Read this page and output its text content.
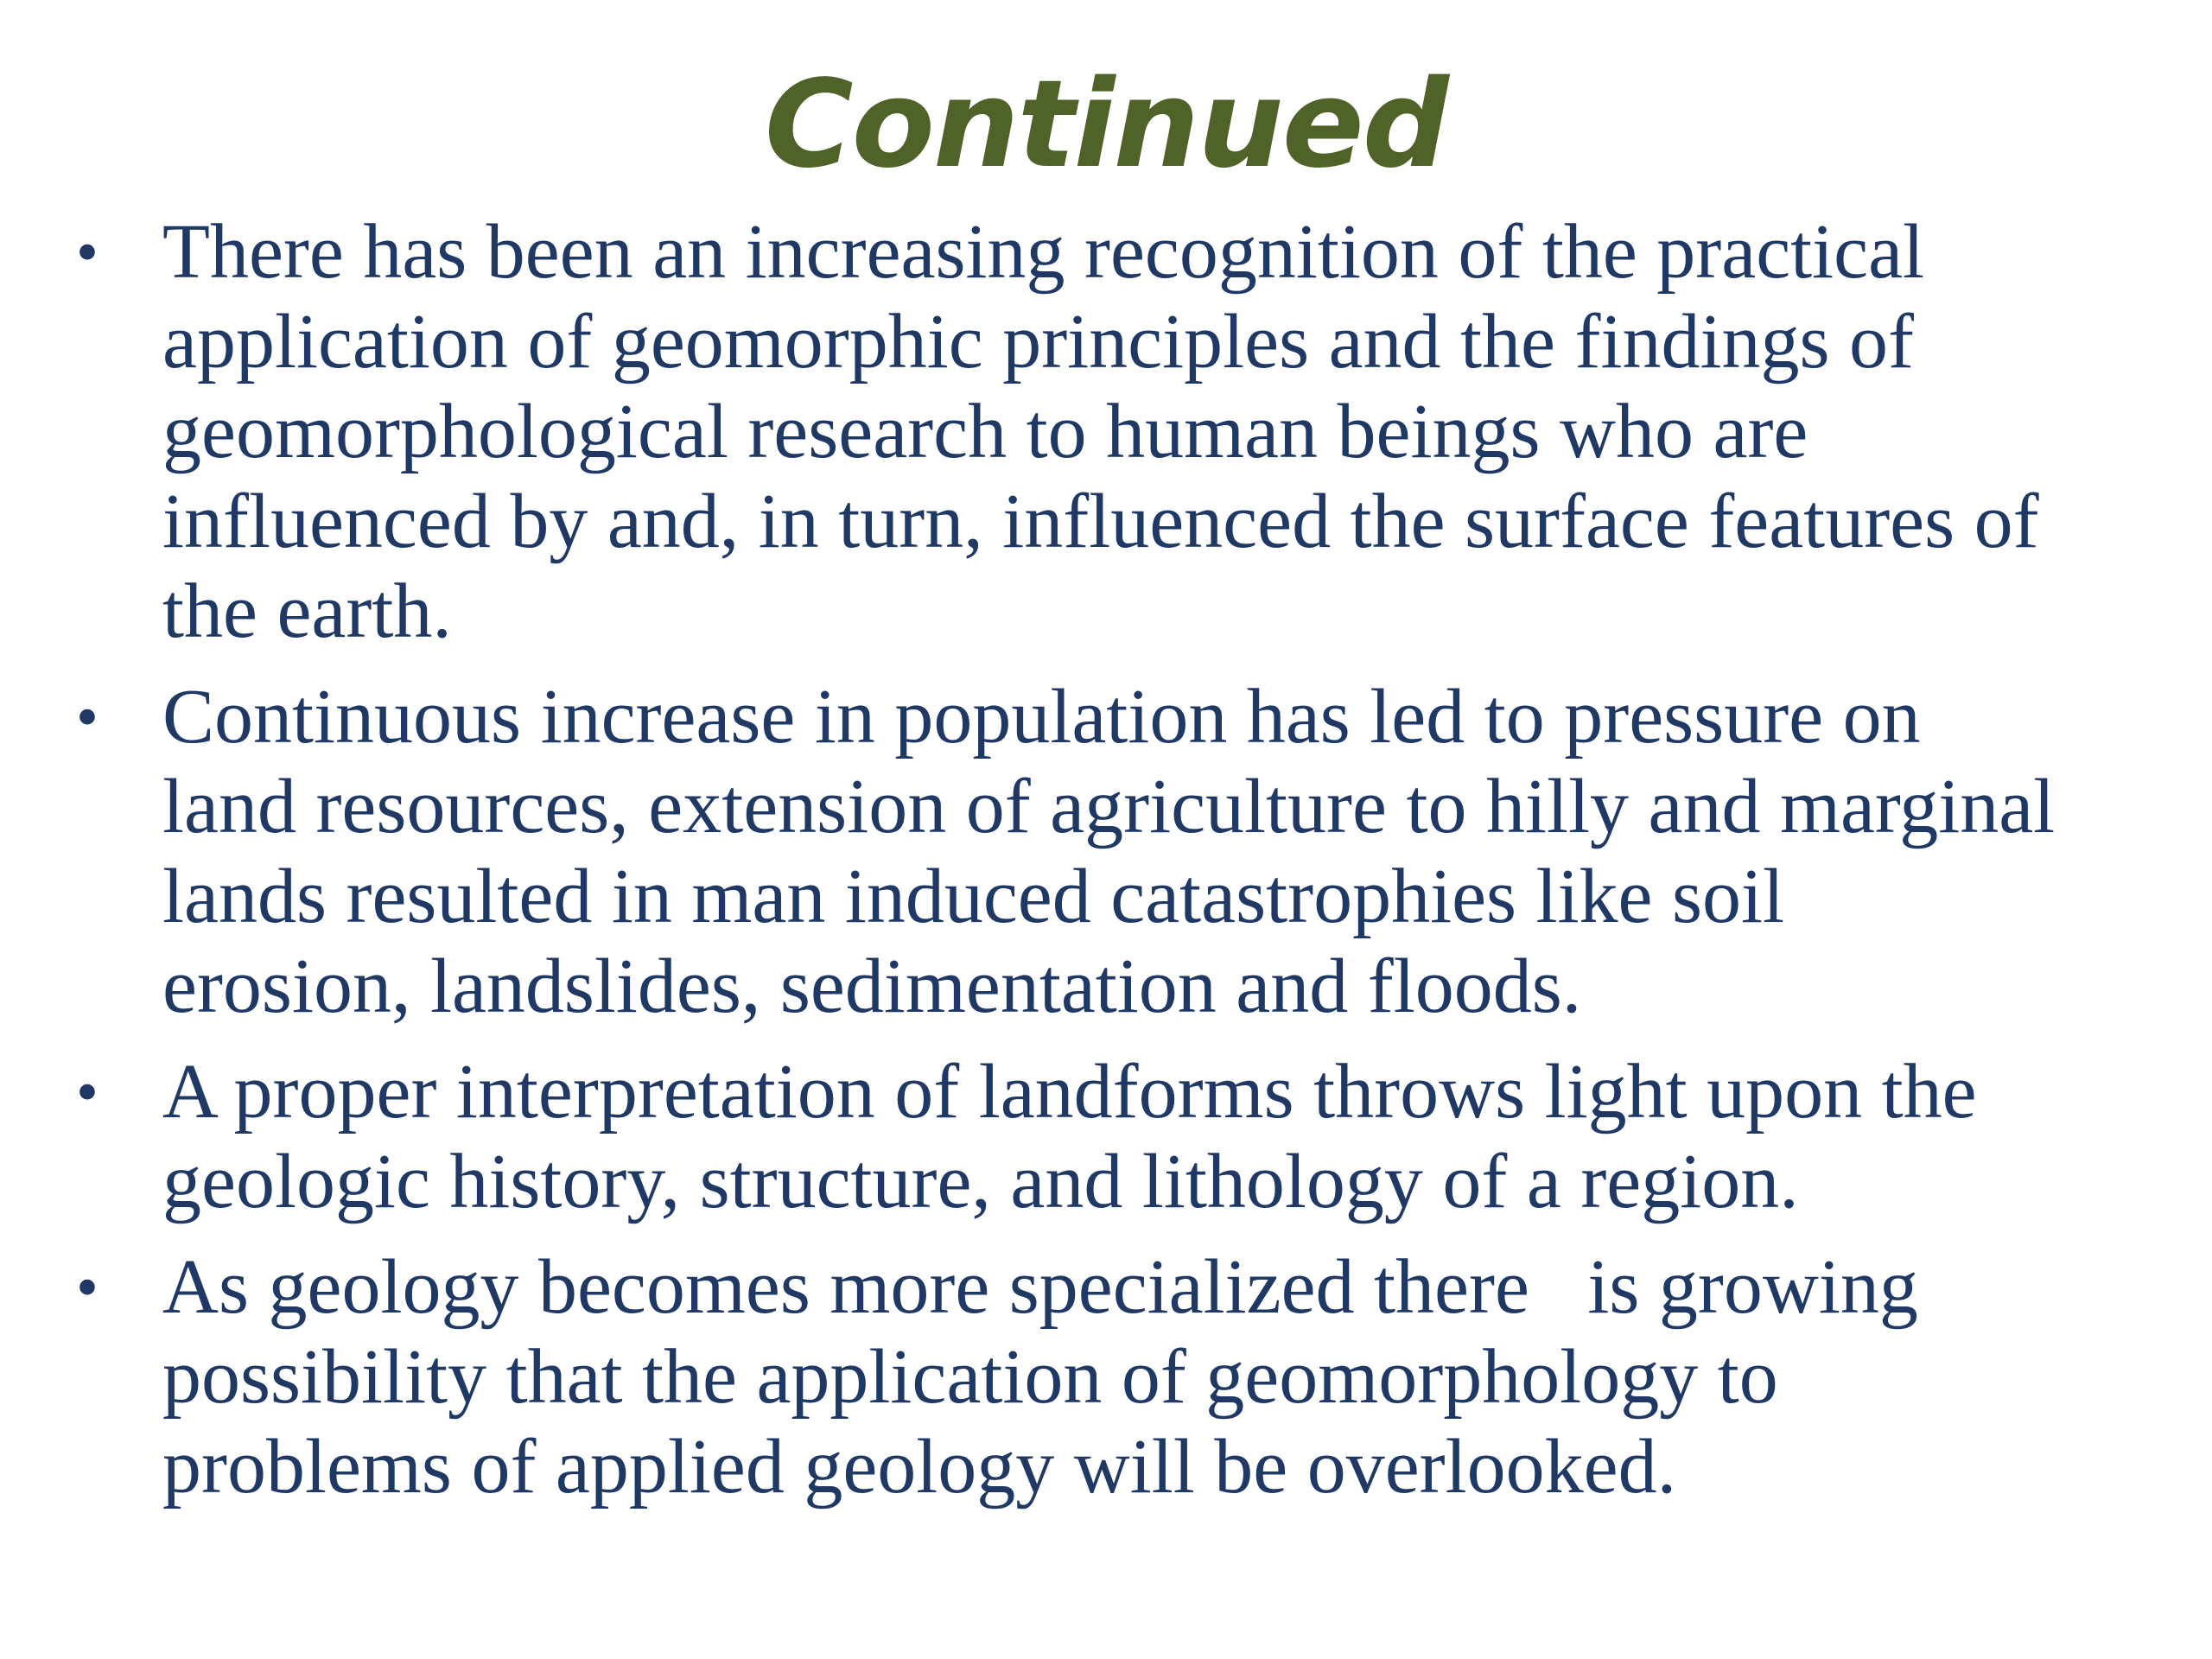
Continued
• There has been an increasing recognition of the practical
application of geomorphic principles and the findings of
geomorphological research to human beings who are
influenced by and, in turn, influenced the surface features of
the earth.
• Continuous increase in population has led to pressure on
land resources, extension of agriculture to hilly and marginal
lands resulted in man induced catastrophies like soil
erosion, landslides, sedimentation and floods.
• A proper interpretation of landforms throws light upon the
geologic history, structure, and lithology of a region.
• As geology becomes more specialized there   is growing
possibility that the application of geomorphology to
problems of applied geology will be overlooked.
